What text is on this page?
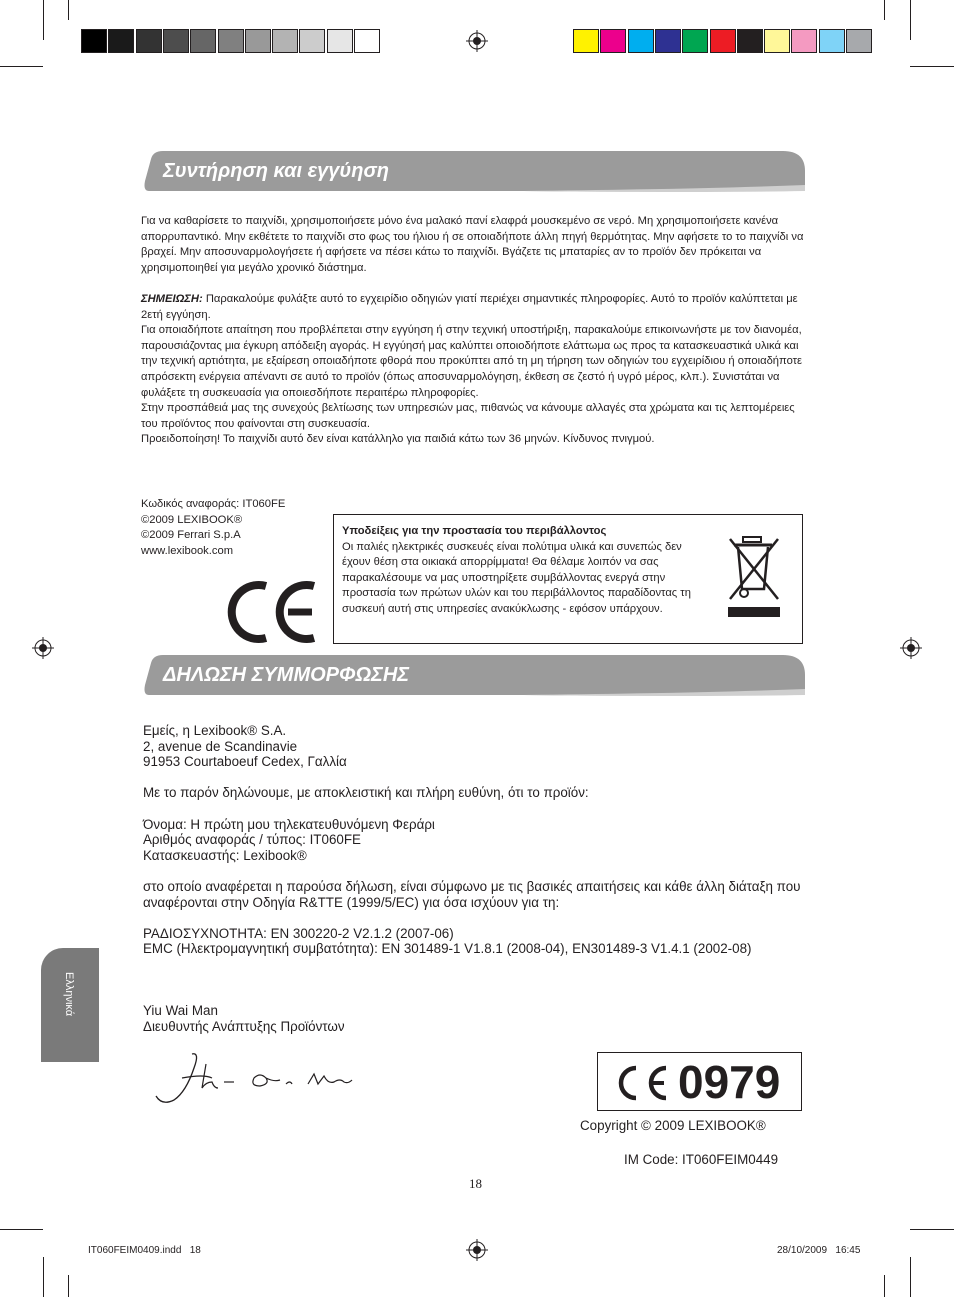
Συντήρηση και εγγύηση

Για να καθαρίσετε το παιχνίδι, χρησιμοποιήσετε μόνο ένα μαλακό πανί ελαφρά μουσκεμένο σε νερό. Μη χρησιμοποιήσετε κανένα απορρυπαντικό. Μην εκθέτετε το παιχνίδι στο φως του ήλιου ή σε οποιαδήποτε άλλη πηγή θερμότητας. Μην αφήσετε το το παιχνίδι να βραχεί. Μην αποσυναρμολογήσετε ή αφήσετε να πέσει κάτω το παιχνίδι. Βγάζετε τις μπαταρίες αν το προϊόν δεν πρόκειται να χρησιμοποιηθεί για μεγάλο χρονικό διάστημα.

ΣΗΜΕΙΩΣΗ: Παρακαλούμε φυλάξτε αυτό το εγχειρίδιο οδηγιών γιατί περιέχει σημαντικές πληροφορίες. Αυτό το προϊόν καλύπτεται με 2ετή εγγύηση.

Για οποιαδήποτε απαίτηση που προβλέπεται στην εγγύηση ή στην τεχνική υποστήριξη, παρακαλούμε επικοινωνήστε με τον διανομέα, παρουσιάζοντας μια έγκυρη απόδειξη αγοράς. Η εγγύησή μας καλύπτει οποιοδήποτε ελάττωμα ως προς τα κατασκευαστικά υλικά και την τεχνική αρτιότητα, με εξαίρεση οποιαδήποτε φθορά που προκύπτει από τη μη τήρηση των οδηγιών του εγχειρίδιου ή οποιαδήποτε απρόσεκτη ενέργεια απέναντι σε αυτό το προϊόν (όπως αποσυναρμολόγηση, έκθεση σε ζεστό ή υγρό μέρος, κλπ.). Συνιστάται να φυλάξετε τη συσκευασία για οποιεσδήποτε περαιτέρω πληροφορίες.

Στην προσπάθειά μας της συνεχούς βελτίωσης των υπηρεσιών μας, πιθανώς να κάνουμε αλλαγές στα χρώματα και τις λεπτομέρειες του προϊόντος που φαίνονται στη συσκευασία.

Προειδοποίηση! Το παιχνίδι αυτό δεν είναι κατάλληλο για παιδιά κάτω των 36 μηνών. Κίνδυνος πνιγμού.

Κωδικός αναφοράς: IT060FE
©2009 LEXIBOOK®
©2009 Ferrari S.p.A
www.lexibook.com
Υποδείξεις για την προστασία του περιβάλλοντος
Οι παλιές ηλεκτρικές συσκευές είναι πολύτιμα υλικά και συνεπώς δεν έχουν θέση στα οικιακά απορρίμματα! Θα θέλαμε λοιπόν να σας παρακαλέσουμε να μας υποστηρίξετε συμβάλλοντας ενεργά στην προστασία των πρώτων υλών και του περιβάλλοντος παραδίδοντας τη συσκευή αυτή στις υπηρεσίες ανακύκλωσης - εφόσον υπάρχουν.
ΔΗΛΩΣΗ ΣΥΜΜΟΡΦΩΣΗΣ

Εμείς, η Lexibook® S.A.

2, avenue de Scandinavie

91953 Courtaboeuf Cedex, Γαλλία

Με το παρόν δηλώνουμε, με αποκλειστική και πλήρη ευθύνη, ότι το προϊόν:

Όνομα: Η πρώτη μου τηλεκατευθυνόμενη Φεράρι

Αριθμός αναφοράς / τύπος: IT060FE

Κατασκευαστής: Lexibook®

στο οποίο αναφέρεται η παρούσα δήλωση, είναι σύμφωνο με τις βασικές απαιτήσεις και κάθε άλλη διάταξη που αναφέρονται στην Οδηγία R&TTE (1999/5/EC) για όσα ισχύουν για τη:

ΡΑΔΙΟΣΥΧΝΟΤΗΤΑ: EN 300220-2 V2.1.2 (2007-06)

EMC (Ηλεκτρομαγνητική συμβατότητα): EN 301489-1 V1.8.1 (2008-04), EN301489-3 V1.4.1 (2002-08)

Yiu Wai Man

Διευθυντής Ανάπτυξης Προϊόντων

0979
Copyright © 2009 LEXIBOOK®
IM Code: IT060FEIM0449
Ελληνικά
18
IT060FEIM0409.indd   18	28/10/2009   16:45
